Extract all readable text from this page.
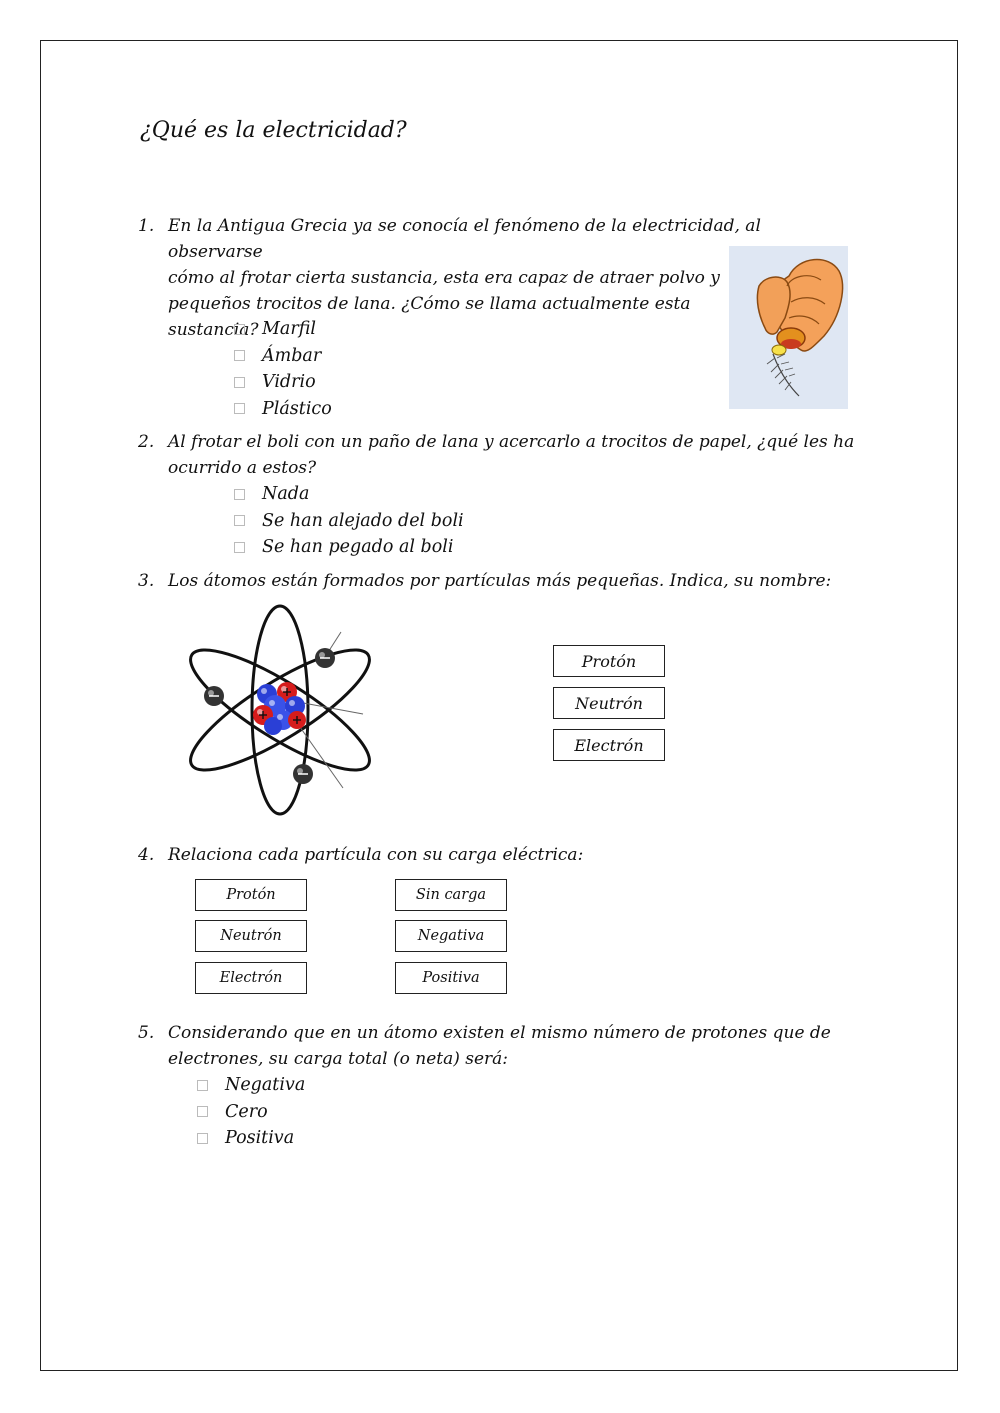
¿Qué es la electricidad?
1. En la Antigua Grecia ya se conocía el fenómeno de la electricidad, al observarse
cómo al frotar cierta sustancia, esta era capaz de atraer polvo y
pequeños trocitos de lana. ¿Cómo se llama actualmente esta
sustancia? Marfil
Ámbar
Vidrio
Plástico
2. Al frotar el boli con un paño de lana y acercarlo a trocitos de papel, ¿qué les ha
ocurrido a estos?
Nada
Se han alejado del boli
Se han pegado al boli
3. Los átomos están formados por partículas más pequeñas. Indica, su nombre:
Protón
Neutrón
Electrón
4. Relaciona cada partícula con su carga eléctrica:
Protón
Neutrón
Electrón
Sin carga
Negativa
Positiva
5. Considerando que en un átomo existen el mismo número de protones que de
electrones, su carga total (o neta) será:
Negativa
Cero
Positiva
